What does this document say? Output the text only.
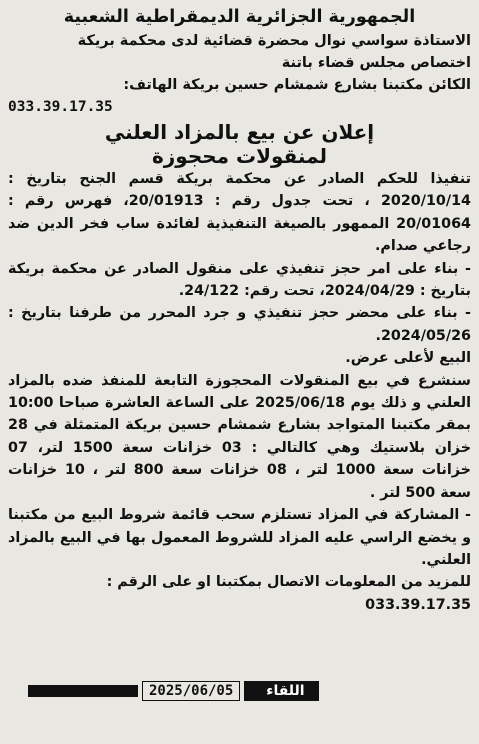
الجمهورية الجزائرية الديمقراطية الشعبية
الاستاذة سواسي نوال محضرة قضائية لدى محكمة بريكة
اختصاص مجلس قضاء باتنة
الكائن مكتبنا بشارع شمشام حسين بريكة الهاتف:
033.39.17.35
إعلان عن بيع بالمزاد العلني
لمنقولات محجوزة

تنفيذا للحكم الصادر عن محكمة بريكة قسم الجنح بتاريخ : 2020/10/14 ، تحت جدول رقم : 20/01913، فهرس رقم : 20/01064 الممهور بالصيغة التنفيذية لفائدة ساب فخر الدين ضد رجاعي صدام.

- بناء على امر حجز تنفيذي على منقول الصادر عن محكمة بريكة بتاريخ : 2024/04/29، تحت رقم: 24/122.

- بناء على محضر حجز تنفيذي و جرد المحرر من طرفنا بتاريخ : 2024/05/26.

البيع لأعلى عرض.

سنشرع في بيع المنقولات المحجوزة التابعة للمنفذ ضده بالمزاد العلني و ذلك يوم 2025/06/18 على الساعة العاشرة صباحا 10:00 بمقر مكتبنا المتواجد بشارع شمشام حسين بريكة المتمثلة في 28 خزان بلاستيك وهي كالتالي : 03 خزانات سعة 1500 لتر، 07 خزانات سعة 1000 لتر ، 08 خزانات سعة 800 لتر ، 10 خزانات سعة 500 لتر .

- المشاركة في المزاد تستلزم سحب قائمة شروط البيع من مكتبنا و يخضع الراسي عليه المزاد للشروط المعمول بها في البيع بالمزاد العلني.

للمزيد من المعلومات الاتصال بمكتبنا او على الرقم :

033.39.17.35

2025/06/05	اللقاء
